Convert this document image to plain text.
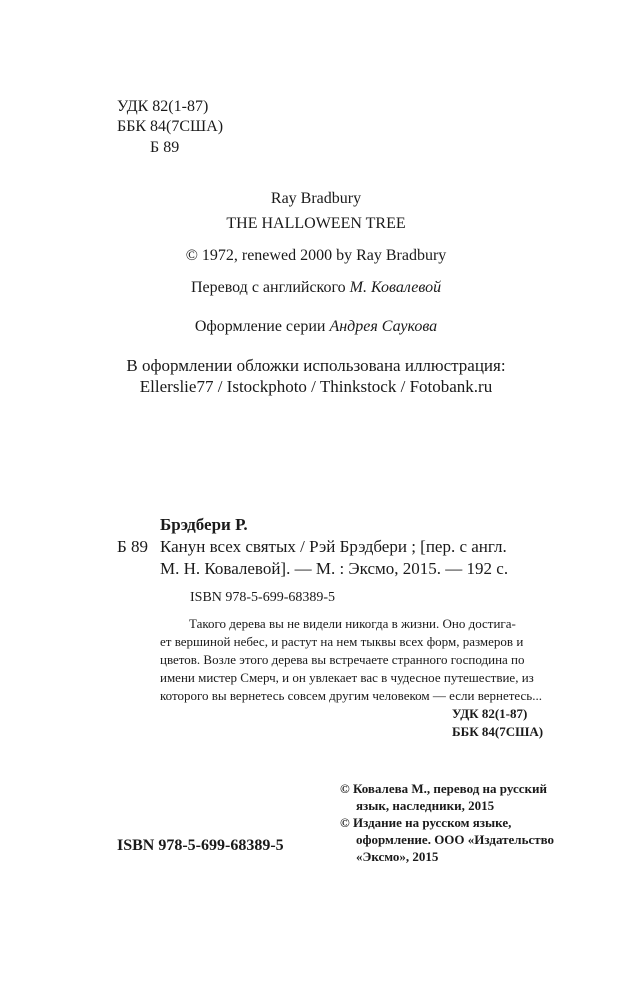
УДК 82(1-87)
ББК 84(7США)
Б 89
Ray Bradbury
THE HALLOWEEN TREE
© 1972, renewed 2000 by Ray Bradbury
Перевод с английского М. Ковалевой
Оформление серии Андрея Саукова
В оформлении обложки использована иллюстрация:
Ellerslie77 / Istockphoto / Thinkstock / Fotobank.ru
Брэдбери Р.
Б 89 Канун всех святых / Рэй Брэдбери ; [пер. с англ.
М. Н. Ковалевой]. — М. : Эксмо, 2015. — 192 с.
ISBN 978-5-699-68389-5

Такого дерева вы не видели никогда в жизни. Оно достига-

ет вершиной небес, и растут на нем тыквы всех форм, размеров и

цветов. Возле этого дерева вы встречаете странного господина по

имени мистер Смерч, и он увлекает вас в чудесное путешествие, из

которого вы вернетесь совсем другим человеком — если вернетесь...

УДК 82(1-87)
ББК 84(7США)
© Ковалева М., перевод на русский
язык, наследники, 2015
© Издание на русском языке,
оформление. ООО «Издательство
«Эксмо», 2015
ISBN 978-5-699-68389-5
